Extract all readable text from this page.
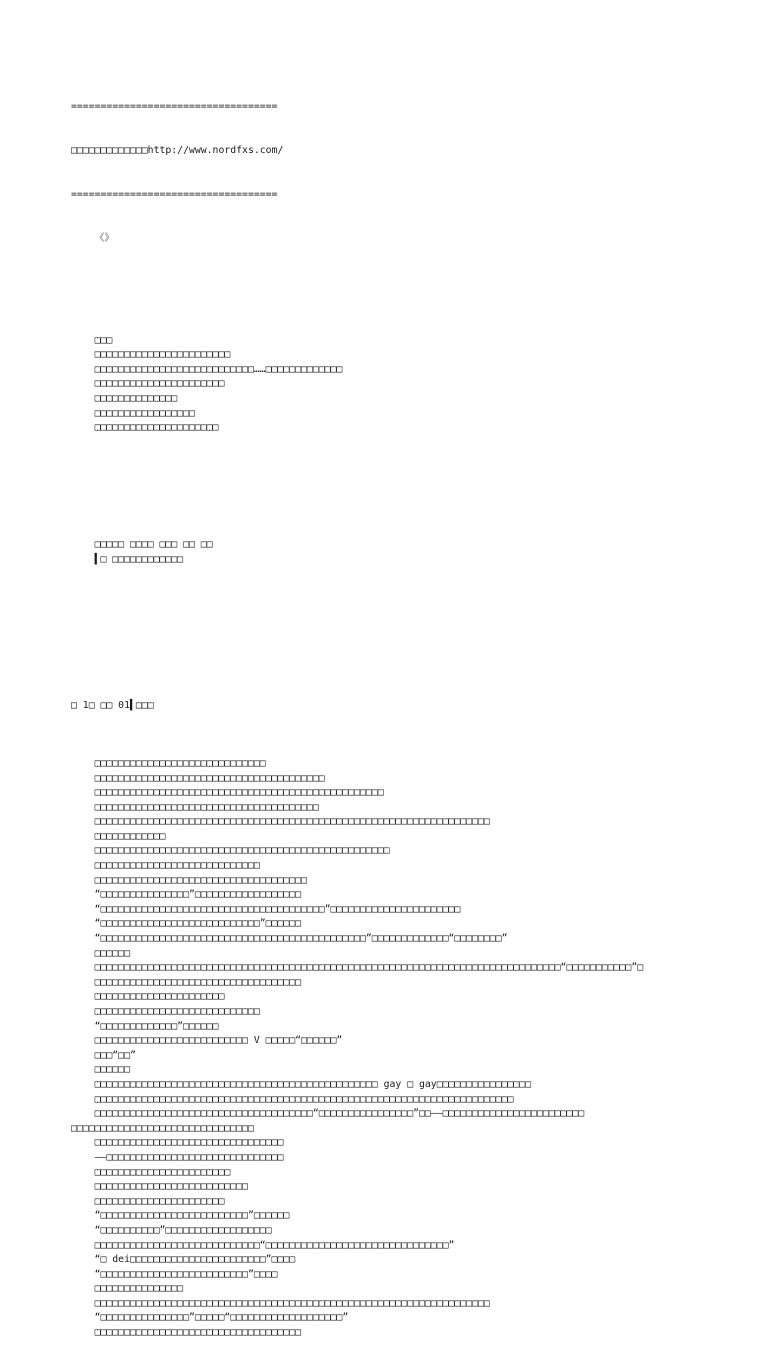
===================================

□□□□□□□□□□□□□http://www.nordfxs.com/

===================================

《》

□□□
□□□□□□□□□□□□□□□□□□□□□□□
□□□□□□□□□□□□□□□□□□□□□□□□□□□……□□□□□□□□□□□□□
□□□□□□□□□□□□□□□□□□□□□□
□□□□□□□□□□□□□□
□□□□□□□□□□□□□□□□□
□□□□□□□□□□□□□□□□□□□□□

□□□□□ □□□□ □□□ □□ □□
▍□ □□□□□□□□□□□□

□ 1□ □□ 01▍□□□

□□□□□□□□□□□□□□□□□□□□□□□□□□□□□
□□□□□□□□□□□□□□□□□□□□□□□□□□□□□□□□□□□□□□□
□□□□□□□□□□□□□□□□□□□□□□□□□□□□□□□□□□□□□□□□□□□□□□□□□
□□□□□□□□□□□□□□□□□□□□□□□□□□□□□□□□□□□□□□
□□□□□□□□□□□□□□□□□□□□□□□□□□□□□□□□□□□□□□□□□□□□□□□□□□□□□□□□□□□□□□□□□□□
□□□□□□□□□□□□
□□□□□□□□□□□□□□□□□□□□□□□□□□□□□□□□□□□□□□□□□□□□□□□□□□
□□□□□□□□□□□□□□□□□□□□□□□□□□□□
□□□□□□□□□□□□□□□□□□□□□□□□□□□□□□□□□□□□
“□□□□□□□□□□□□□□□”□□□□□□□□□□□□□□□□□□
“□□□□□□□□□□□□□□□□□□□□□□□□□□□□□□□□□□□□□□”□□□□□□□□□□□□□□□□□□□□□□
“□□□□□□□□□□□□□□□□□□□□□□□□□□□”□□□□□□
“□□□□□□□□□□□□□□□□□□□□□□□□□□□□□□□□□□□□□□□□□□□□□”□□□□□□□□□□□□□“□□□□□□□□”
□□□□□□
□□□□□□□□□□□□□□□□□□□□□□□□□□□□□□□□□□□□□□□□□□□□□□□□□□□□□□□□□□□□□□□□□□□□□□□□□□□□□□□“□□□□□□□□□□□”□
□□□□□□□□□□□□□□□□□□□□□□□□□□□□□□□□□□□
□□□□□□□□□□□□□□□□□□□□□□
□□□□□□□□□□□□□□□□□□□□□□□□□□□□
“□□□□□□□□□□□□□”□□□□□□
□□□□□□□□□□□□□□□□□□□□□□□□□□ V □□□□□“□□□□□□”
□□□“□□”
□□□□□□
□□□□□□□□□□□□□□□□□□□□□□□□□□□□□□□□□□□□□□□□□□□□□□□□ gay □ gay□□□□□□□□□□□□□□□□
□□□□□□□□□□□□□□□□□□□□□□□□□□□□□□□□□□□□□□□□□□□□□□□□□□□□□□□□□□□□□□□□□□□□□□□
□□□□□□□□□□□□□□□□□□□□□□□□□□□□□□□□□□□□□“□□□□□□□□□□□□□□□□”□□——□□□□□□□□□□□□□□□□□□□□□□□□
□□□□□□□□□□□□□□□□□□□□□□□□□□□□□□□
□□□□□□□□□□□□□□□□□□□□□□□□□□□□□□□□
——□□□□□□□□□□□□□□□□□□□□□□□□□□□□□□
□□□□□□□□□□□□□□□□□□□□□□□
□□□□□□□□□□□□□□□□□□□□□□□□□□
□□□□□□□□□□□□□□□□□□□□□□
“□□□□□□□□□□□□□□□□□□□□□□□□□”□□□□□□
“□□□□□□□□□□”□□□□□□□□□□□□□□□□□□
□□□□□□□□□□□□□□□□□□□□□□□□□□□□“□□□□□□□□□□□□□□□□□□□□□□□□□□□□□□□”
“□ dei□□□□□□□□□□□□□□□□□□□□□□□”□□□□
“□□□□□□□□□□□□□□□□□□□□□□□□□”□□□□
□□□□□□□□□□□□□□□
□□□□□□□□□□□□□□□□□□□□□□□□□□□□□□□□□□□□□□□□□□□□□□□□□□□□□□□□□□□□□□□□□□□
“□□□□□□□□□□□□□□□”□□□□□“□□□□□□□□□□□□□□□□□□□”
□□□□□□□□□□□□□□□□□□□□□□□□□□□□□□□□□□□
